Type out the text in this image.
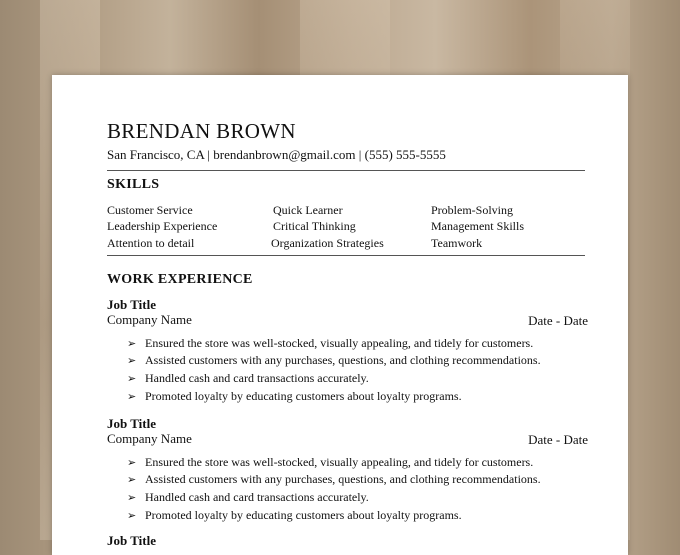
BRENDAN BROWN
San Francisco, CA | brendanbrown@gmail.com | (555) 555-5555
SKILLS
Customer Service	Quick Learner	Problem-Solving
Leadership Experience	Critical Thinking	Management Skills
Attention to detail	Organization Strategies	Teamwork
WORK EXPERIENCE
Job Title
Company Name	Date - Date
➢ Ensured the store was well-stocked, visually appealing, and tidely for customers.
➢ Assisted customers with any purchases, questions, and clothing recommendations.
➢ Handled cash and card transactions accurately.
➢ Promoted loyalty by educating customers about loyalty programs.
Job Title
Company Name	Date - Date
➢ Ensured the store was well-stocked, visually appealing, and tidely for customers.
➢ Assisted customers with any purchases, questions, and clothing recommendations.
➢ Handled cash and card transactions accurately.
➢ Promoted loyalty by educating customers about loyalty programs.
Job Title
